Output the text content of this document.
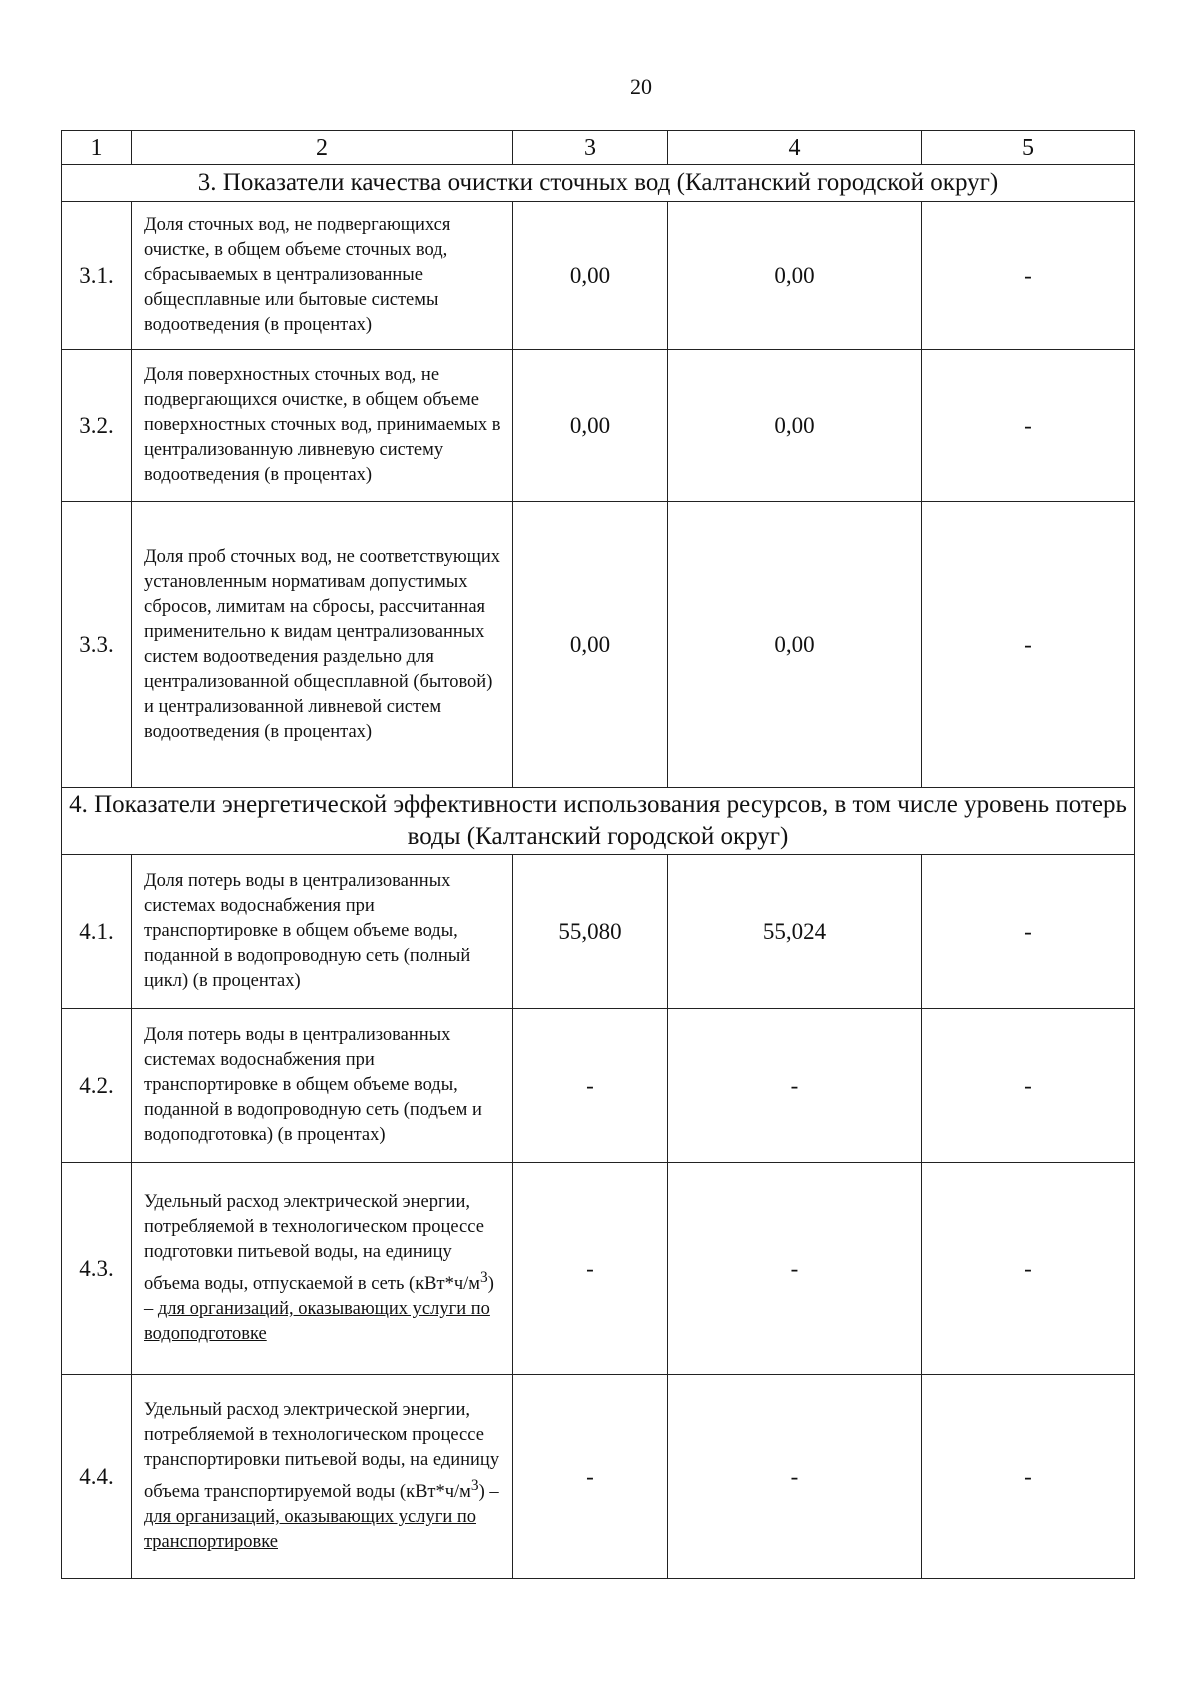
20
1	2	3	4	5
3. Показатели качества очистки сточных вод (Калтанский городской округ)				
3.1.	Доля сточных вод, не подвергающихся очистке, в общем объеме сточных вод, сбрасываемых в централизованные общесплавные или бытовые системы водоотведения (в процентах)	0,00	0,00	-
3.2.	Доля поверхностных сточных вод, не подвергающихся очистке, в общем объеме поверхностных сточных вод, принимаемых в централизованную ливневую систему водоотведения (в процентах)	0,00	0,00	-
3.3.	Доля проб сточных вод, не соответствующих установленным нормативам допустимых сбросов, лимитам на сбросы, рассчитанная применительно к видам централизованных систем водоотведения раздельно для централизованной общесплавной (бытовой) и централизованной ливневой систем водоотведения (в процентах)	0,00	0,00	-
4. Показатели энергетической эффективности использования ресурсов, в том числе уровень потерь воды (Калтанский городской округ)				
4.1.	Доля потерь воды в централизованных системах водоснабжения при транспортировке в общем объеме воды, поданной в водопроводную сеть (полный цикл) (в процентах)	55,080	55,024	-
4.2.	Доля потерь воды в централизованных системах водоснабжения при транспортировке в общем объеме воды, поданной в водопроводную сеть (подъем и водоподготовка) (в процентах)	-	-	-
4.3.	Удельный расход электрической энергии, потребляемой в технологическом процессе подготовки питьевой воды, на единицу объема воды, отпускаемой в сеть $(кВт*ч/м^3)$ – для организаций, оказывающих услуги по водоподготовке	-	-	-
4.4.	Удельный расход электрической энергии, потребляемой в технологическом процессе транспортировки питьевой воды, на единицу объема транспортируемой воды $(кВт*ч/м^3)$ – для организаций, оказывающих услуги по транспортировке	-	-	-
